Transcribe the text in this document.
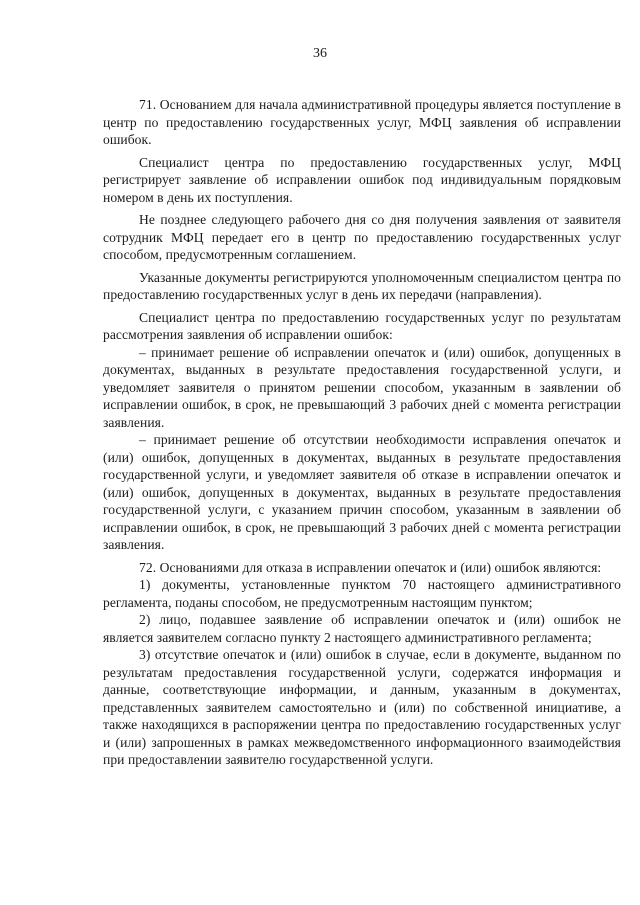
36

71. Основанием для начала административной процедуры является поступление в центр по предоставлению государственных услуг, МФЦ заявления об исправлении ошибок.

Специалист центра по предоставлению государственных услуг, МФЦ регистрирует заявление об исправлении ошибок под индивидуальным порядковым номером в день их поступления.

Не позднее следующего рабочего дня со дня получения заявления от заявителя сотрудник МФЦ передает его в центр по предоставлению государственных услуг способом, предусмотренным соглашением.

Указанные документы регистрируются уполномоченным специалистом центра по предоставлению государственных услуг в день их передачи (направления).

Специалист центра по предоставлению государственных услуг по результатам рассмотрения заявления об исправлении ошибок:

– принимает решение об исправлении опечаток и (или) ошибок, допущенных в документах, выданных в результате предоставления государственной услуги, и уведомляет заявителя о принятом решении способом, указанным в заявлении об исправлении ошибок, в срок, не превышающий 3 рабочих дней с момента регистрации заявления.

– принимает решение об отсутствии необходимости исправления опечаток и (или) ошибок, допущенных в документах, выданных в результате предоставления государственной услуги, и уведомляет заявителя об отказе в исправлении опечаток и (или) ошибок, допущенных в документах, выданных в результате предоставления государственной услуги, с указанием причин способом, указанным в заявлении об исправлении ошибок, в срок, не превышающий 3 рабочих дней с момента регистрации заявления.

72. Основаниями для отказа в исправлении опечаток и (или) ошибок являются:

1) документы, установленные пунктом 70 настоящего административного регламента, поданы способом, не предусмотренным настоящим пунктом;

2) лицо, подавшее заявление об исправлении опечаток и (или) ошибок не является заявителем согласно пункту 2 настоящего административного регламента;

3) отсутствие опечаток и (или) ошибок в случае, если в документе, выданном по результатам предоставления государственной услуги, содержатся информация и данные, соответствующие информации, и данным, указанным в документах, представленных заявителем самостоятельно и (или) по собственной инициативе, а также находящихся в распоряжении центра по предоставлению государственных услуг и (или) запрошенных в рамках межведомственного информационного взаимодействия при предоставлении заявителю государственной услуги.
